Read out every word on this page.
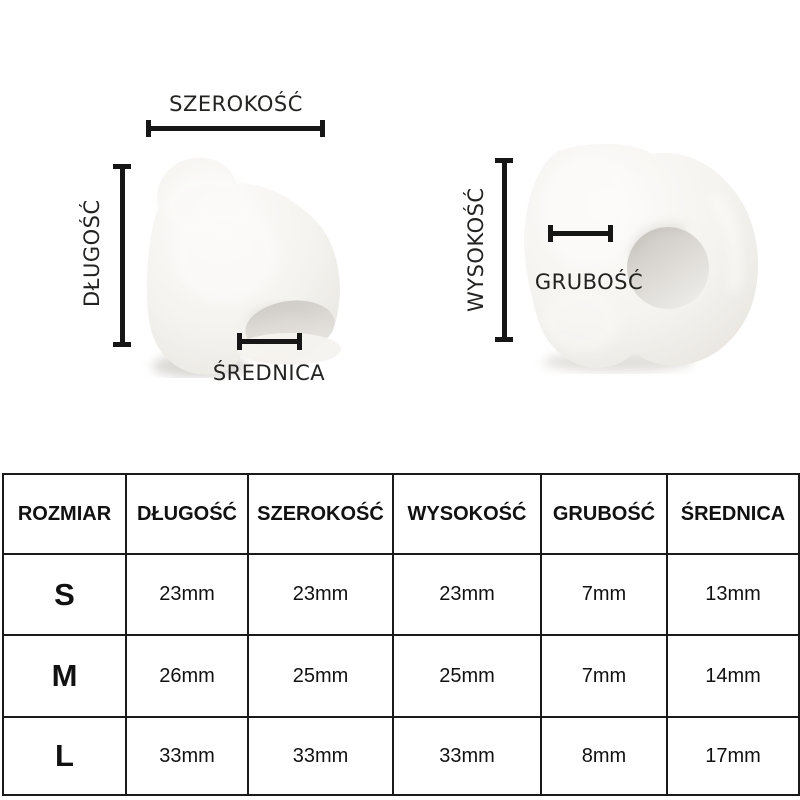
SZEROKOŚĆ
DŁUGOŚĆ
ŚREDNICA
WYSOKOŚĆ	GRUBOŚĆ
ROZMIAR	DŁUGOŚĆ	SZEROKOŚĆ	WYSOKOŚĆ	GRUBOŚĆ	ŚREDNICA
S	23mm	23mm	23mm	7mm	13mm
M	26mm	25mm	25mm	7mm	14mm
L	33mm	33mm	33mm	8mm	17mm
